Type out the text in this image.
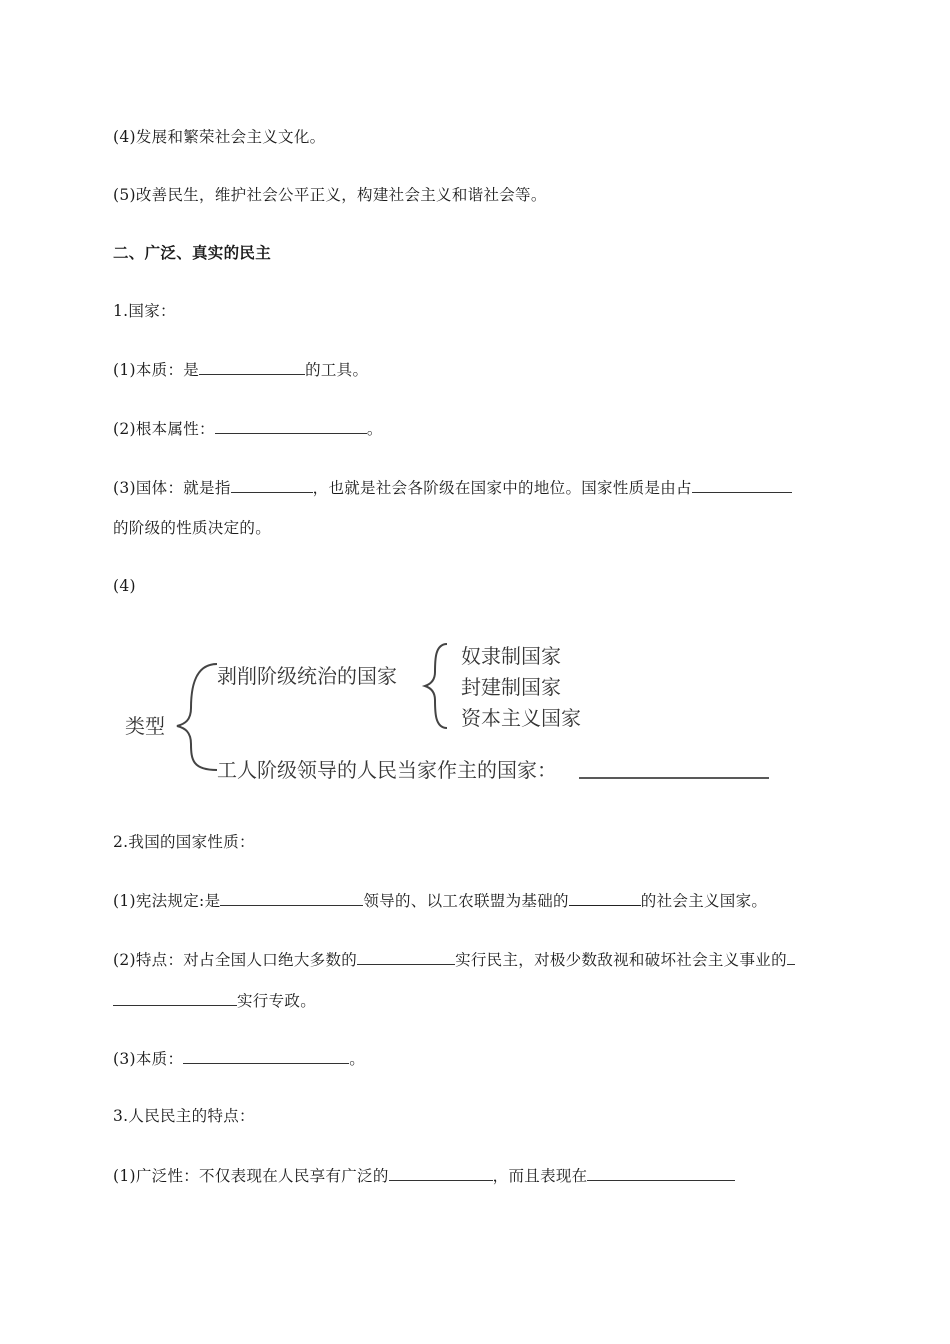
(4)发展和繁荣社会主义文化。
(5)改善民生，维护社会公平正义，构建社会主义和谐社会等。
二、广泛、真实的民主
1.国家：
(1)本质：是	的工具。
(2)根本属性：	。
(3)国体：就是指	，也就是社会各阶级在国家中的地位。国家性质是由占
的阶级的性质决定的。
(4)
类型
剥削阶级统治的国家
奴隶制国家
封建制国家
资本主义国家
工人阶级领导的人民当家作主的国家：
2.我国的国家性质：
(1)宪法规定:是	领导的、以工农联盟为基础的	的社会主义国家。
(2)特点：对占全国人口绝大多数的	实行民主，对极少数敌视和破坏社会主义事业的
实行专政。
(3)本质：	。
3.人民民主的特点：
(1)广泛性：不仅表现在人民享有广泛的	，而且表现在
